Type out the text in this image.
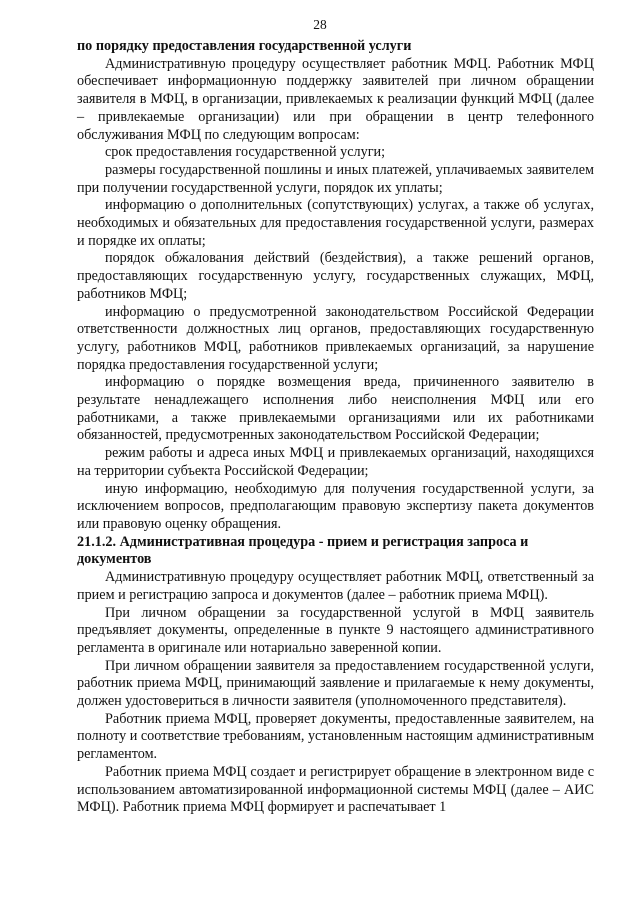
28
по порядку предоставления государственной услуги

Административную процедуру осуществляет работник МФЦ. Работник МФЦ обеспечивает информационную поддержку заявителей при личном обращении заявителя в МФЦ, в организации, привлекаемых к реализации функций МФЦ (далее – привлекаемые организации) или при обращении в центр телефонного обслуживания МФЦ по следующим вопросам:

срок предоставления государственной услуги;

размеры государственной пошлины и иных платежей, уплачиваемых заявителем при получении государственной услуги, порядок их уплаты;

информацию о дополнительных (сопутствующих) услугах, а также об услугах, необходимых и обязательных для предоставления государственной услуги, размерах и порядке их оплаты;

порядок обжалования действий (бездействия), а также решений органов, предоставляющих государственную услугу, государственных служащих, МФЦ, работников МФЦ;

информацию о предусмотренной законодательством Российской Федерации ответственности должностных лиц органов, предоставляющих государственную услугу, работников МФЦ, работников привлекаемых организаций, за нарушение порядка предоставления государственной услуги;

информацию о порядке возмещения вреда, причиненного заявителю в результате ненадлежащего исполнения либо неисполнения МФЦ или его работниками, а также привлекаемыми организациями или их работниками обязанностей, предусмотренных законодательством Российской Федерации;

режим работы и адреса иных МФЦ и привлекаемых организаций, находящихся на территории субъекта Российской Федерации;

иную информацию, необходимую для получения государственной услуги, за исключением вопросов, предполагающим правовую экспертизу пакета документов или правовую оценку обращения.

21.1.2. Административная процедура - прием и регистрация запроса и документов

Административную процедуру осуществляет работник МФЦ, ответственный за прием и регистрацию запроса и документов (далее – работник приема МФЦ).

При личном обращении за государственной услугой в МФЦ заявитель предъявляет документы, определенные в пункте 9 настоящего административного регламента в оригинале или нотариально заверенной копии.

При личном обращении заявителя за предоставлением государственной услуги, работник приема МФЦ, принимающий заявление и прилагаемые к нему документы, должен удостовериться в личности заявителя (уполномоченного представителя).

Работник приема МФЦ, проверяет документы, предоставленные заявителем, на полноту и соответствие требованиям, установленным настоящим административным регламентом.

Работник приема МФЦ создает и регистрирует обращение в электронном виде с использованием автоматизированной информационной системы МФЦ (далее – АИС МФЦ). Работник приема МФЦ формирует и распечатывает 1
